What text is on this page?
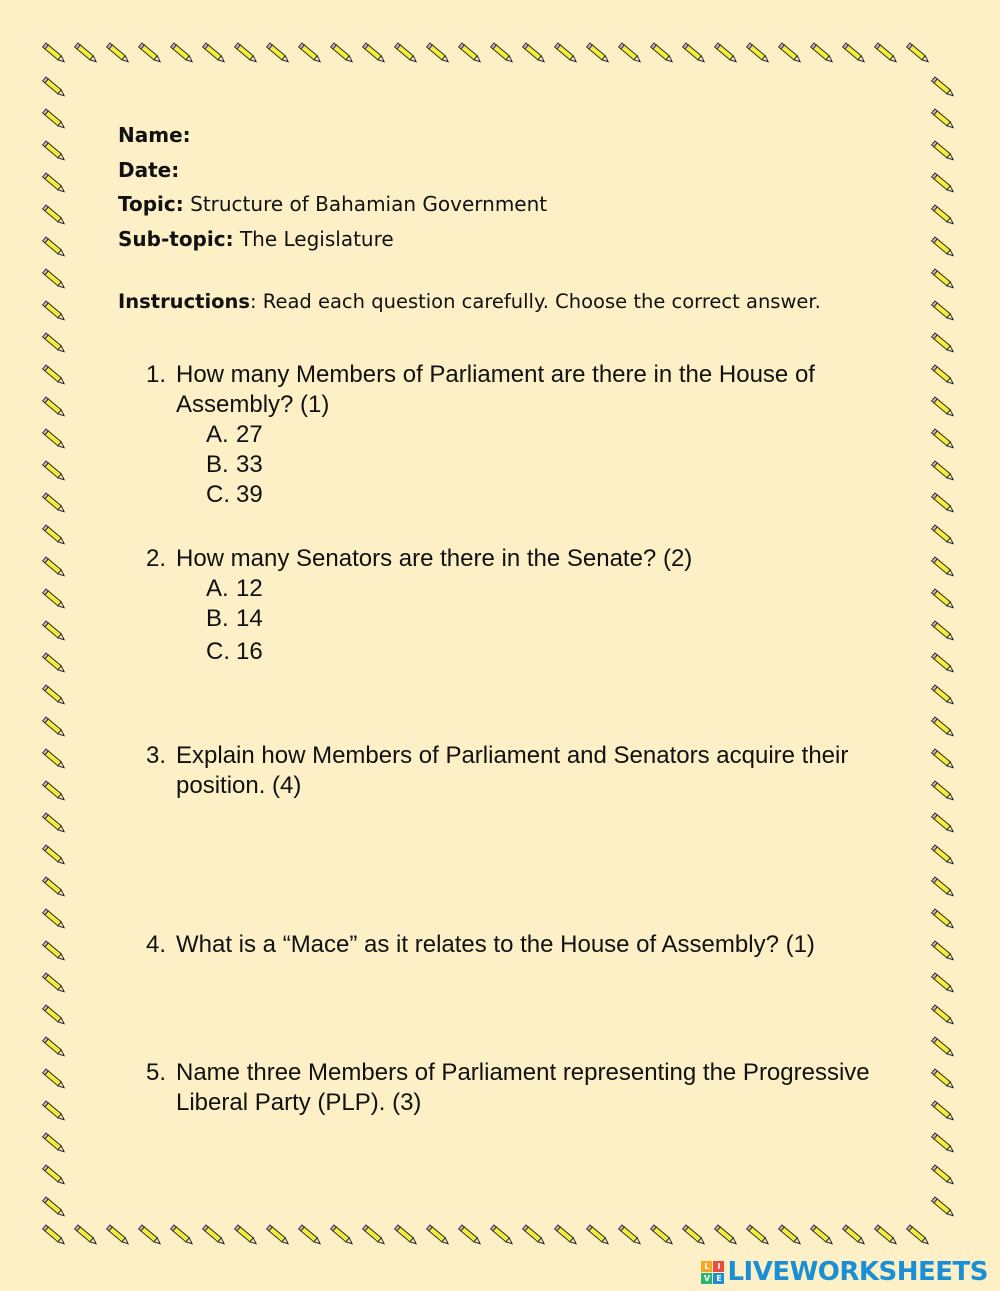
Name:
Date:
Topic: Structure of Bahamian Government
Sub-topic: The Legislature
Instructions: Read each question carefully. Choose the correct answer.
1. How many Members of Parliament are there in the House of Assembly? (1)
A. 27
B. 33
C. 39
2. How many Senators are there in the Senate? (2)
A. 12
B. 14
C. 16
3. Explain how Members of Parliament and Senators acquire their position. (4)
4. What is a “Mace” as it relates to the House of Assembly? (1)
5. Name three Members of Parliament representing the Progressive Liberal Party (PLP). (3)
L I
V E LIVEWORKSHEETS
